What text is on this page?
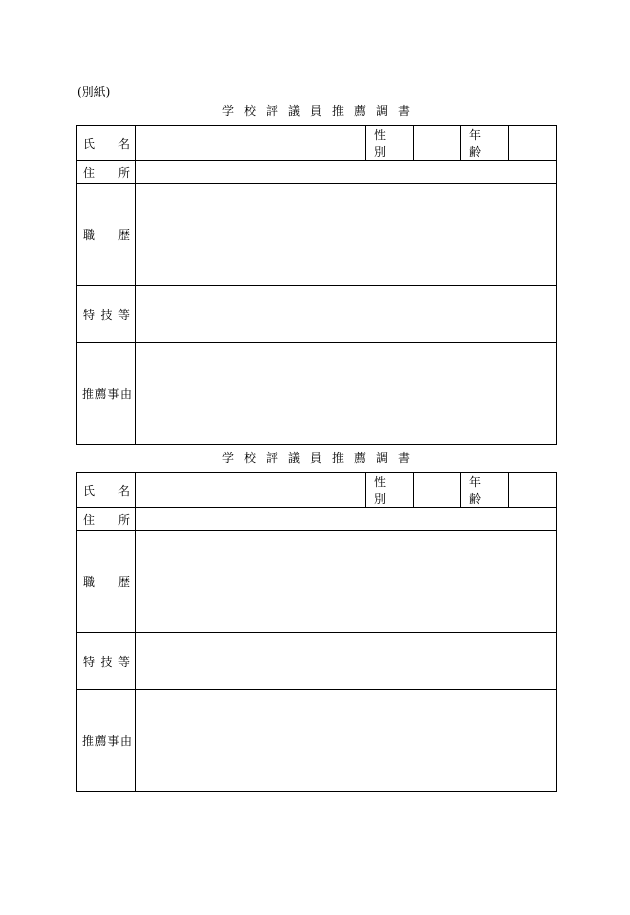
(別紙)
学校評議員推薦調書
氏　名		性　別		年　齢	
住　所					
職　歴					
特技等					
推薦事由					
学校評議員推薦調書
氏　名		性　別		年　齢	
住　所					
職　歴					
特技等					
推薦事由					
